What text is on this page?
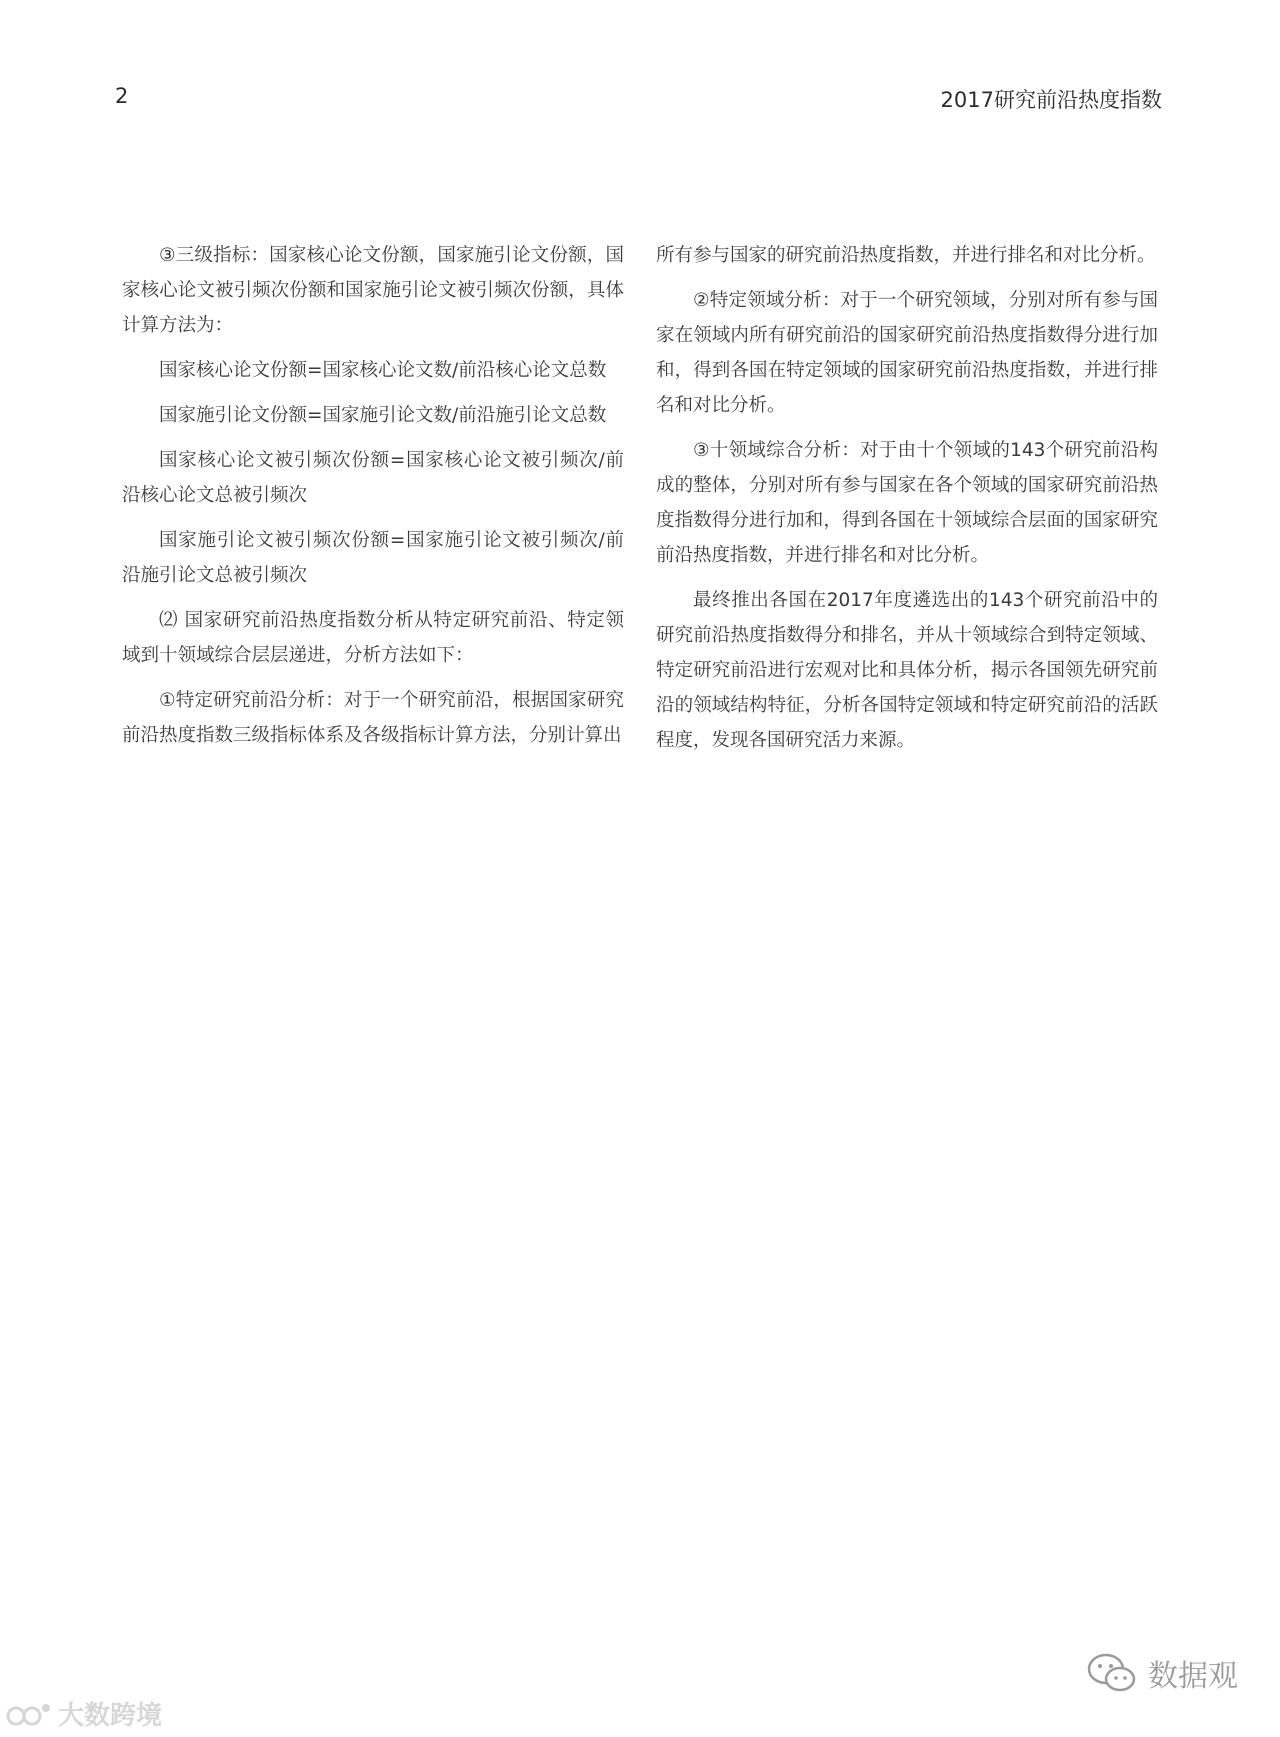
2	2017研究前沿热度指数

③三级指标：国家核心论文份额，国家施引论文份额，国家核心论文被引频次份额和国家施引论文被引频次份额，具体计算方法为：

国家核心论文份额=国家核心论文数/前沿核心论文总数

国家施引论文份额=国家施引论文数/前沿施引论文总数

国家核心论文被引频次份额=国家核心论文被引频次/前沿核心论文总被引频次

国家施引论文被引频次份额=国家施引论文被引频次/前沿施引论文总被引频次

⑵ 国家研究前沿热度指数分析从特定研究前沿、特定领域到十领域综合层层递进，分析方法如下：

①特定研究前沿分析：对于一个研究前沿，根据国家研究前沿热度指数三级指标体系及各级指标计算方法，分别计算出

所有参与国家的研究前沿热度指数，并进行排名和对比分析。

②特定领域分析：对于一个研究领域，分别对所有参与国家在领域内所有研究前沿的国家研究前沿热度指数得分进行加和，得到各国在特定领域的国家研究前沿热度指数，并进行排名和对比分析。

③十领域综合分析：对于由十个领域的143个研究前沿构成的整体，分别对所有参与国家在各个领域的国家研究前沿热度指数得分进行加和，得到各国在十领域综合层面的国家研究前沿热度指数，并进行排名和对比分析。

最终推出各国在2017年度遴选出的143个研究前沿中的研究前沿热度指数得分和排名，并从十领域综合到特定领域、特定研究前沿进行宏观对比和具体分析，揭示各国领先研究前沿的领域结构特征，分析各国特定领域和特定研究前沿的活跃程度，发现各国研究活力来源。

大数跨境
数据观
